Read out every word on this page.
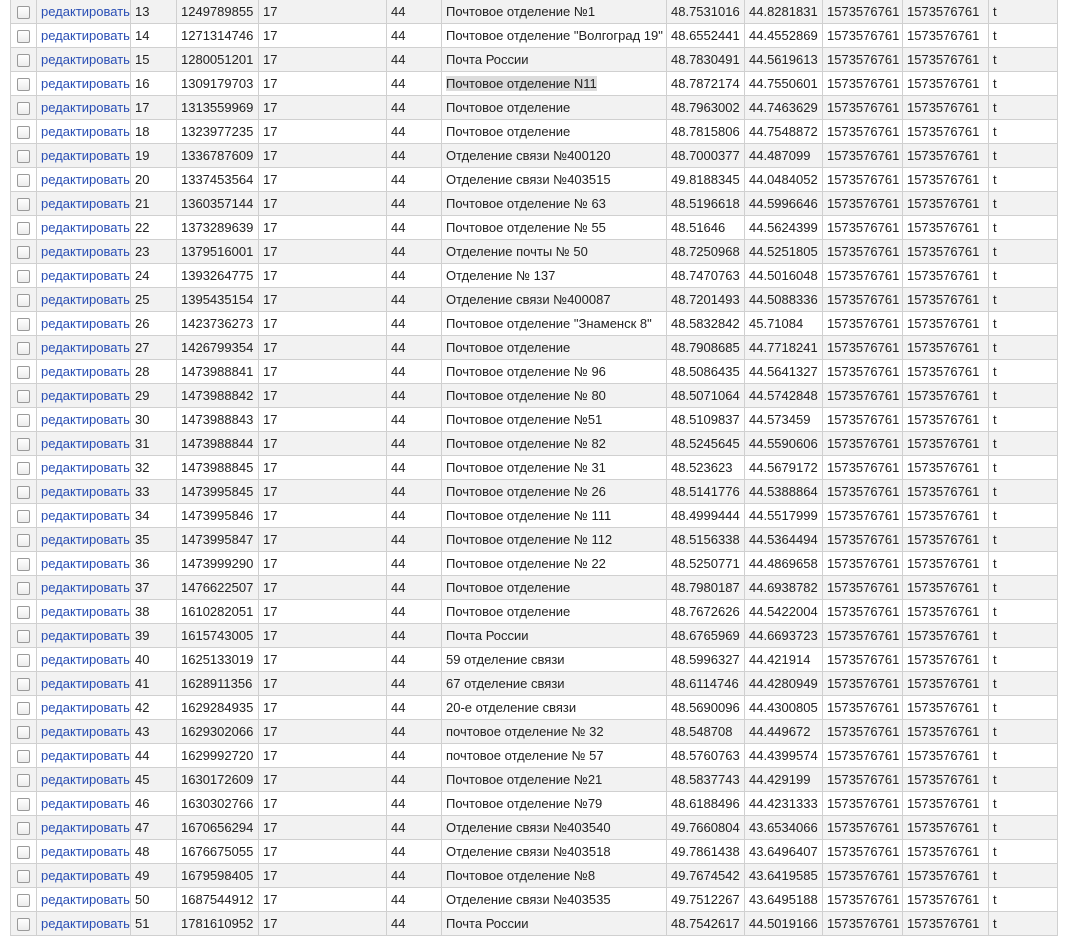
	редактировать	13	1249789855	17	44	Почтовое отделение №1	48.7531016	44.8281831	1573576761	1573576761	t
	редактировать	14	1271314746	17	44	Почтовое отделение "Волгоград 19"	48.6552441	44.4552869	1573576761	1573576761	t
	редактировать	15	1280051201	17	44	Почта России	48.7830491	44.5619613	1573576761	1573576761	t
	редактировать	16	1309179703	17	44	Почтовое отделение N11	48.7872174	44.7550601	1573576761	1573576761	t
	редактировать	17	1313559969	17	44	Почтовое отделение	48.7963002	44.7463629	1573576761	1573576761	t
	редактировать	18	1323977235	17	44	Почтовое отделение	48.7815806	44.7548872	1573576761	1573576761	t
	редактировать	19	1336787609	17	44	Отделение связи №400120	48.7000377	44.487099	1573576761	1573576761	t
	редактировать	20	1337453564	17	44	Отделение связи №403515	49.8188345	44.0484052	1573576761	1573576761	t
	редактировать	21	1360357144	17	44	Почтовое отделение № 63	48.5196618	44.5996646	1573576761	1573576761	t
	редактировать	22	1373289639	17	44	Почтовое отделение № 55	48.51646	44.5624399	1573576761	1573576761	t
	редактировать	23	1379516001	17	44	Отделение почты № 50	48.7250968	44.5251805	1573576761	1573576761	t
	редактировать	24	1393264775	17	44	Отделение № 137	48.7470763	44.5016048	1573576761	1573576761	t
	редактировать	25	1395435154	17	44	Отделение связи №400087	48.7201493	44.5088336	1573576761	1573576761	t
	редактировать	26	1423736273	17	44	Почтовое отделение "Знаменск 8"	48.5832842	45.71084	1573576761	1573576761	t
	редактировать	27	1426799354	17	44	Почтовое отделение	48.7908685	44.7718241	1573576761	1573576761	t
	редактировать	28	1473988841	17	44	Почтовое отделение № 96	48.5086435	44.5641327	1573576761	1573576761	t
	редактировать	29	1473988842	17	44	Почтовое отделение № 80	48.5071064	44.5742848	1573576761	1573576761	t
	редактировать	30	1473988843	17	44	Почтовое отделение №51	48.5109837	44.573459	1573576761	1573576761	t
	редактировать	31	1473988844	17	44	Почтовое отделение № 82	48.5245645	44.5590606	1573576761	1573576761	t
	редактировать	32	1473988845	17	44	Почтовое отделение № 31	48.523623	44.5679172	1573576761	1573576761	t
	редактировать	33	1473995845	17	44	Почтовое отделение № 26	48.5141776	44.5388864	1573576761	1573576761	t
	редактировать	34	1473995846	17	44	Почтовое отделение № 111	48.4999444	44.5517999	1573576761	1573576761	t
	редактировать	35	1473995847	17	44	Почтовое отделение № 112	48.5156338	44.5364494	1573576761	1573576761	t
	редактировать	36	1473999290	17	44	Почтовое отделение № 22	48.5250771	44.4869658	1573576761	1573576761	t
	редактировать	37	1476622507	17	44	Почтовое отделение	48.7980187	44.6938782	1573576761	1573576761	t
	редактировать	38	1610282051	17	44	Почтовое отделение	48.7672626	44.5422004	1573576761	1573576761	t
	редактировать	39	1615743005	17	44	Почта России	48.6765969	44.6693723	1573576761	1573576761	t
	редактировать	40	1625133019	17	44	59 отделение связи	48.5996327	44.421914	1573576761	1573576761	t
	редактировать	41	1628911356	17	44	67 отделение связи	48.6114746	44.4280949	1573576761	1573576761	t
	редактировать	42	1629284935	17	44	20-е отделение связи	48.5690096	44.4300805	1573576761	1573576761	t
	редактировать	43	1629302066	17	44	почтовое отделение № 32	48.548708	44.449672	1573576761	1573576761	t
	редактировать	44	1629992720	17	44	почтовое отделение № 57	48.5760763	44.4399574	1573576761	1573576761	t
	редактировать	45	1630172609	17	44	Почтовое отделение №21	48.5837743	44.429199	1573576761	1573576761	t
	редактировать	46	1630302766	17	44	Почтовое отделение №79	48.6188496	44.4231333	1573576761	1573576761	t
	редактировать	47	1670656294	17	44	Отделение связи №403540	49.7660804	43.6534066	1573576761	1573576761	t
	редактировать	48	1676675055	17	44	Отделение связи №403518	49.7861438	43.6496407	1573576761	1573576761	t
	редактировать	49	1679598405	17	44	Почтовое отделение №8	49.7674542	43.6419585	1573576761	1573576761	t
	редактировать	50	1687544912	17	44	Отделение связи №403535	49.7512267	43.6495188	1573576761	1573576761	t
	редактировать	51	1781610952	17	44	Почта России	48.7542617	44.5019166	1573576761	1573576761	t
